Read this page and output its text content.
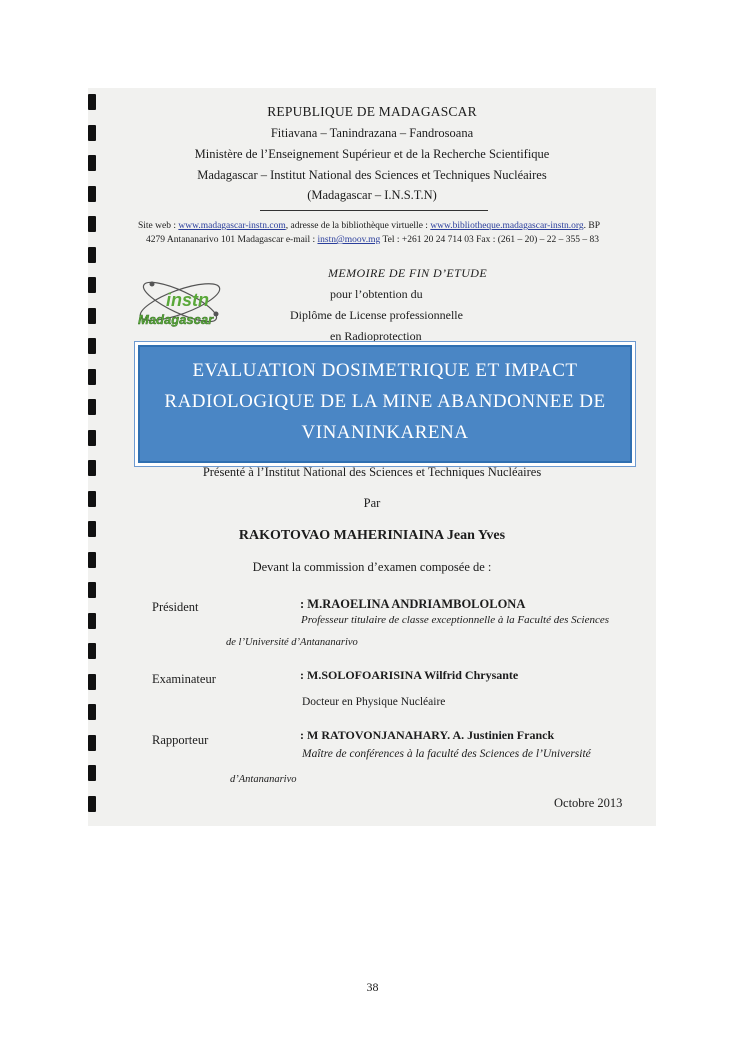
REPUBLIQUE DE MADAGASCAR
Fitiavana – Tanindrazana – Fandrosoana
Ministère de l’Enseignement Supérieur et de la Recherche Scientifique
Madagascar – Institut National des Sciences et Techniques Nucléaires
(Madagascar – I.N.S.T.N)
Site web : www.madagascar-instn.com, adresse de la bibliothèque virtuelle : www.bibliotheque.madagascar-instn.org. BP
4279 Antananarivo 101 Madagascar e-mail : instn@moov.mg Tel : +261 20 24 714 03 Fax : (261 – 20) – 22 – 355 – 83
instn
Madagascar
MEMOIRE DE FIN D’ETUDE
pour l’obtention du
Diplôme de License professionnelle
en Radioprotection
EVALUATION DOSIMETRIQUE ET IMPACT
RADIOLOGIQUE DE LA MINE ABANDONNEE DE
VINANINKARENA
Présenté à l’Institut National des Sciences et Techniques Nucléaires
Par
RAKOTOVAO MAHERINIAINA Jean Yves
Devant la commission d’examen composée de :
Président	: M.RAOELINA ANDRIAMBOLOLONA
Professeur titulaire de classe exceptionnelle à la Faculté des Sciences
de l’Université d’Antananarivo
Examinateur	: M.SOLOFOARISINA Wilfrid Chrysante
Docteur en Physique Nucléaire
Rapporteur	: M RATOVONJANAHARY. A. Justinien Franck
Maître de conférences à la faculté des Sciences de l’Université
d’Antananarivo
Octobre 2013
38
